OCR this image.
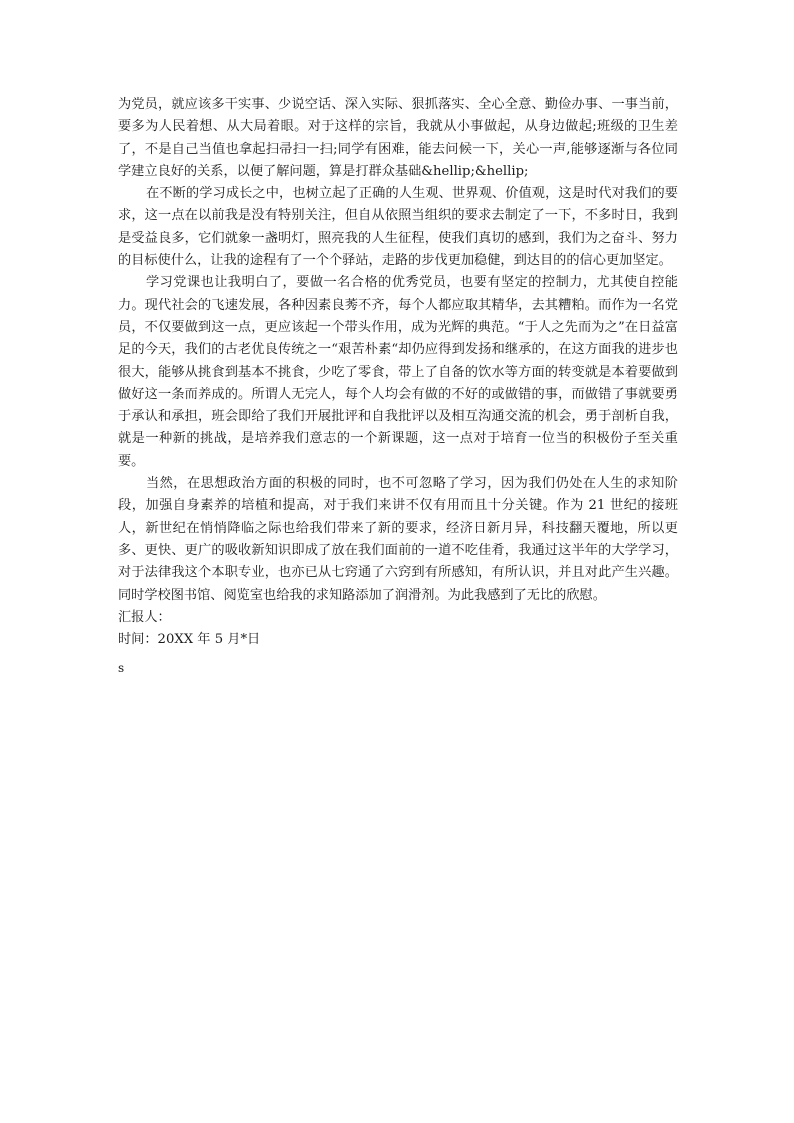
为党员，就应该多干实事、少说空话、深入实际、狠抓落实、全心全意、勤俭办事、一事当前，要多为人民着想、从大局着眼。对于这样的宗旨，我就从小事做起，从身边做起;班级的卫生差了，不是自己当值也拿起扫帚扫一扫;同学有困难，能去问候一下，关心一声,能够逐渐与各位同学建立良好的关系，以便了解问题，算是打群众基础&hellip;&hellip;

在不断的学习成长之中，也树立起了正确的人生观、世界观、价值观，这是时代对我们的要求，这一点在以前我是没有特别关注，但自从依照当组织的要求去制定了一下，不多时日，我到是受益良多，它们就象一盏明灯，照亮我的人生征程，使我们真切的感到，我们为之奋斗、努力的目标使什么，让我的途程有了一个个驿站，走路的步伐更加稳健，到达目的的信心更加坚定。

学习党课也让我明白了，要做一名合格的优秀党员，也要有坚定的控制力，尤其使自控能力。现代社会的飞速发展，各种因素良莠不齐，每个人都应取其精华，去其糟粕。而作为一名党员，不仅要做到这一点，更应该起一个带头作用，成为光辉的典范。“于人之先而为之”在日益富足的今天，我们的古老优良传统之一“艰苦朴素“却仍应得到发扬和继承的，在这方面我的进步也很大，能够从挑食到基本不挑食，少吃了零食，带上了自备的饮水等方面的转变就是本着要做到做好这一条而养成的。所谓人无完人，每个人均会有做的不好的或做错的事，而做错了事就要勇于承认和承担，班会即给了我们开展批评和自我批评以及相互沟通交流的机会，勇于剖析自我，就是一种新的挑战，是培养我们意志的一个新课题，这一点对于培育一位当的积极份子至关重要。

当然，在思想政治方面的积极的同时，也不可忽略了学习，因为我们仍处在人生的求知阶段，加强自身素养的培植和提高，对于我们来讲不仅有用而且十分关键。作为 21 世纪的接班人，新世纪在悄悄降临之际也给我们带来了新的要求，经济日新月异，科技翻天覆地，所以更多、更快、更广的吸收新知识即成了放在我们面前的一道不吃佳肴，我通过这半年的大学学习，对于法律我这个本职专业，也亦已从七窍通了六窍到有所感知，有所认识，并且对此产生兴趣。同时学校图书馆、阅览室也给我的求知路添加了润滑剂。为此我感到了无比的欣慰。

汇报人：

时间：20XX 年 5 月*日

s
